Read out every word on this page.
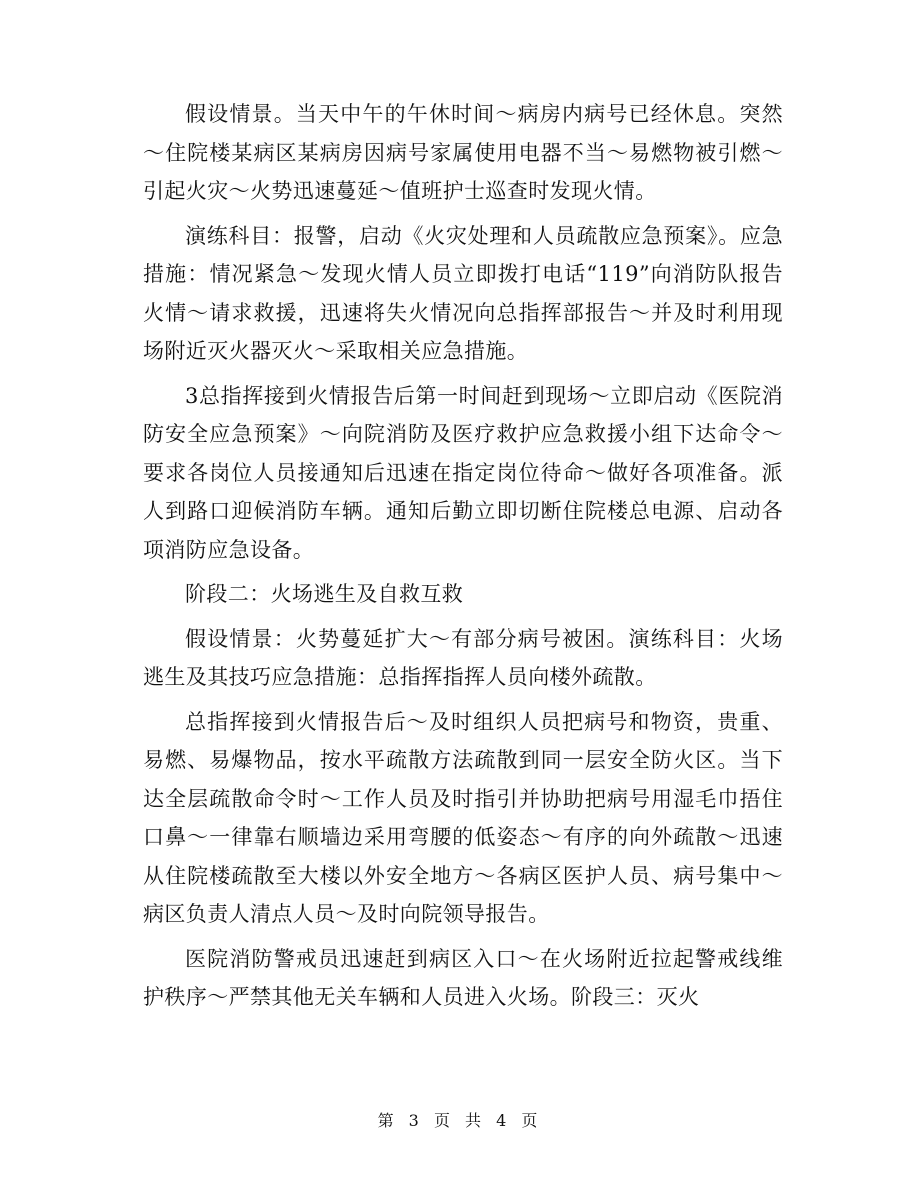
假设情景。当天中午的午休时间～病房内病号已经休息。突然～住院楼某病区某病房因病号家属使用电器不当～易燃物被引燃～引起火灾～火势迅速蔓延～值班护士巡查时发现火情。

演练科目：报警，启动《火灾处理和人员疏散应急预案》。应急措施：情况紧急～发现火情人员立即拨打电话“119”向消防队报告火情～请求救援，迅速将失火情况向总指挥部报告～并及时利用现场附近灭火器灭火～采取相关应急措施。

3总指挥接到火情报告后第一时间赶到现场～立即启动《医院消防安全应急预案》～向院消防及医疗救护应急救援小组下达命令～要求各岗位人员接通知后迅速在指定岗位待命～做好各项准备。派人到路口迎候消防车辆。通知后勤立即切断住院楼总电源、启动各项消防应急设备。

阶段二：火场逃生及自救互救

假设情景：火势蔓延扩大～有部分病号被困。演练科目：火场逃生及其技巧应急措施：总指挥指挥人员向楼外疏散。

总指挥接到火情报告后～及时组织人员把病号和物资，贵重、易燃、易爆物品，按水平疏散方法疏散到同一层安全防火区。当下达全层疏散命令时～工作人员及时指引并协助把病号用湿毛巾捂住口鼻～一律靠右顺墙边采用弯腰的低姿态～有序的向外疏散～迅速从住院楼疏散至大楼以外安全地方～各病区医护人员、病号集中～病区负责人清点人员～及时向院领导报告。

医院消防警戒员迅速赶到病区入口～在火场附近拉起警戒线维护秩序～严禁其他无关车辆和人员进入火场。阶段三：灭火

第 3 页 共 4 页
